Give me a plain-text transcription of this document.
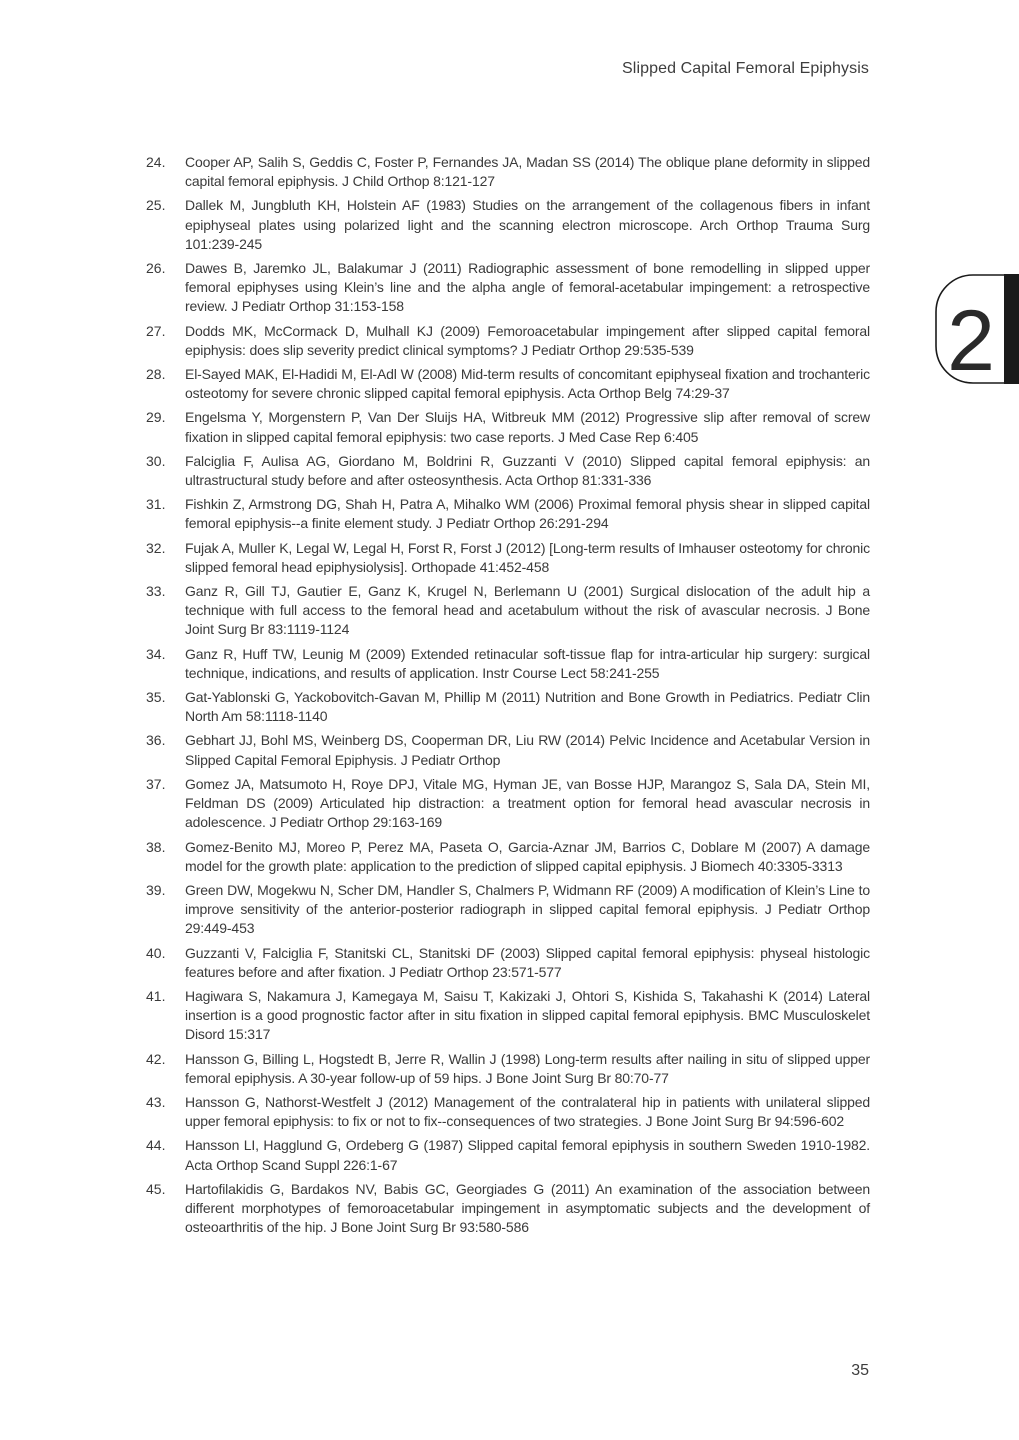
Slipped Capital Femoral Epiphysis
2
24.	Cooper AP, Salih S, Geddis C, Foster P, Fernandes JA, Madan SS (2014) The oblique plane deformity in slipped capital femoral epiphysis. J Child Orthop 8:121-127
25.	Dallek M, Jungbluth KH, Holstein AF (1983) Studies on the arrangement of the collagenous fibers in infant epiphyseal plates using polarized light and the scanning electron microscope. Arch Orthop Trauma Surg 101:239-245
26.	Dawes B, Jaremko JL, Balakumar J (2011) Radiographic assessment of bone remodelling in slipped upper femoral epiphyses using Klein’s line and the alpha angle of femoral-acetabular impingement: a retrospective review. J Pediatr Orthop 31:153-158
27.	Dodds MK, McCormack D, Mulhall KJ (2009) Femoroacetabular impingement after slipped capital femoral epiphysis: does slip severity predict clinical symptoms? J Pediatr Orthop 29:535-539
28.	El-Sayed MAK, El-Hadidi M, El-Adl W (2008) Mid-term results of concomitant epiphyseal fixation and trochanteric osteotomy for severe chronic slipped capital femoral epiphysis. Acta Orthop Belg 74:29-37
29.	Engelsma Y, Morgenstern P, Van Der Sluijs HA, Witbreuk MM (2012) Progressive slip after removal of screw fixation in slipped capital femoral epiphysis: two case reports. J Med Case Rep 6:405
30.	Falciglia F, Aulisa AG, Giordano M, Boldrini R, Guzzanti V (2010) Slipped capital femoral epiphysis: an ultrastructural study before and after osteosynthesis. Acta Orthop 81:331-336
31.	Fishkin Z, Armstrong DG, Shah H, Patra A, Mihalko WM (2006) Proximal femoral physis shear in slipped capital femoral epiphysis--a finite element study. J Pediatr Orthop 26:291-294
32.	Fujak A, Muller K, Legal W, Legal H, Forst R, Forst J (2012) [Long-term results of Imhauser osteotomy for chronic slipped femoral head epiphysiolysis]. Orthopade 41:452-458
33.	Ganz R, Gill TJ, Gautier E, Ganz K, Krugel N, Berlemann U (2001) Surgical dislocation of the adult hip a technique with full access to the femoral head and acetabulum without the risk of avascular necrosis. J Bone Joint Surg Br 83:1119-1124
34.	Ganz R, Huff TW, Leunig M (2009) Extended retinacular soft-tissue flap for intra-articular hip surgery: surgical technique, indications, and results of application. Instr Course Lect 58:241-255
35.	Gat-Yablonski G, Yackobovitch-Gavan M, Phillip M (2011) Nutrition and Bone Growth in Pediatrics. Pediatr Clin North Am 58:1118-1140
36.	Gebhart JJ, Bohl MS, Weinberg DS, Cooperman DR, Liu RW (2014) Pelvic Incidence and Acetabular Version in Slipped Capital Femoral Epiphysis. J Pediatr Orthop
37.	Gomez JA, Matsumoto H, Roye DPJ, Vitale MG, Hyman JE, van Bosse HJP, Marangoz S, Sala DA, Stein MI, Feldman DS (2009) Articulated hip distraction: a treatment option for femoral head avascular necrosis in adolescence. J Pediatr Orthop 29:163-169
38.	Gomez-Benito MJ, Moreo P, Perez MA, Paseta O, Garcia-Aznar JM, Barrios C, Doblare M (2007) A damage model for the growth plate: application to the prediction of slipped capital epiphysis. J Biomech 40:3305-3313
39.	Green DW, Mogekwu N, Scher DM, Handler S, Chalmers P, Widmann RF (2009) A modification of Klein’s Line to improve sensitivity of the anterior-posterior radiograph in slipped capital femoral epiphysis. J Pediatr Orthop 29:449-453
40.	Guzzanti V, Falciglia F, Stanitski CL, Stanitski DF (2003) Slipped capital femoral epiphysis: physeal histologic features before and after fixation. J Pediatr Orthop 23:571-577
41.	Hagiwara S, Nakamura J, Kamegaya M, Saisu T, Kakizaki J, Ohtori S, Kishida S, Takahashi K (2014) Lateral insertion is a good prognostic factor after in situ fixation in slipped capital femoral epiphysis. BMC Musculoskelet Disord 15:317
42.	Hansson G, Billing L, Hogstedt B, Jerre R, Wallin J (1998) Long-term results after nailing in situ of slipped upper femoral epiphysis. A 30-year follow-up of 59 hips. J Bone Joint Surg Br 80:70-77
43.	Hansson G, Nathorst-Westfelt J (2012) Management of the contralateral hip in patients with unilateral slipped upper femoral epiphysis: to fix or not to fix--consequences of two strategies. J Bone Joint Surg Br 94:596-602
44.	Hansson LI, Hagglund G, Ordeberg G (1987) Slipped capital femoral epiphysis in southern Sweden 1910-1982. Acta Orthop Scand Suppl 226:1-67
45.	Hartofilakidis G, Bardakos NV, Babis GC, Georgiades G (2011) An examination of the association between different morphotypes of femoroacetabular impingement in asymptomatic subjects and the development of osteoarthritis of the hip. J Bone Joint Surg Br 93:580-586
35
